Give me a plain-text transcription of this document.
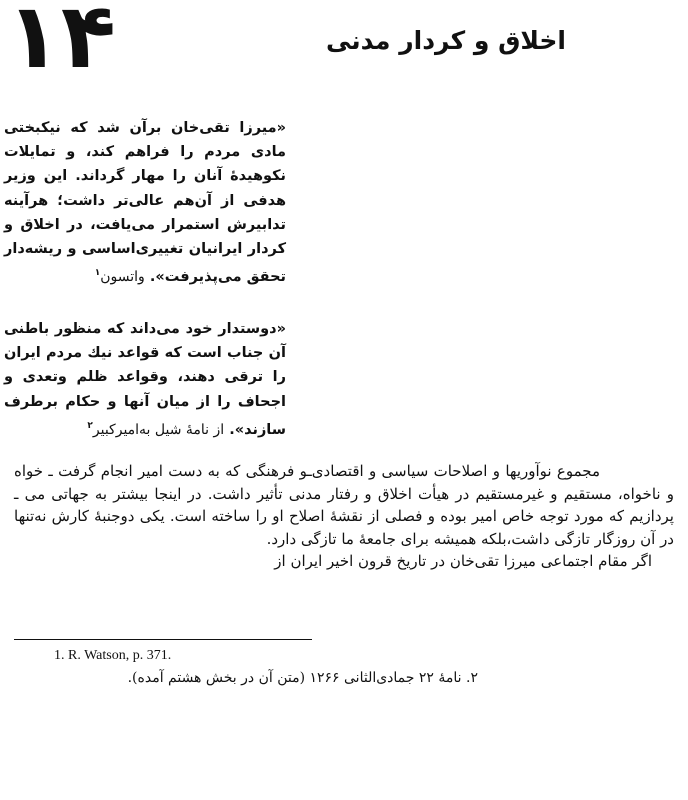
۱۴	اخلاق و کردار مدنی
«میرزا تقی‌خان برآن شد که نیکبختی مادی مردم را فراهم کند، و تمایلات نکوهیدهٔ آنان را مهار گرداند. این وزیر هدفی از آن‌هم عالی‌تر داشت؛ هرآینه تدابیرش استمرار می‌یافت، در اخلاق و کردار ایرانیان تغییری‌اساسی و ریشه‌دار تحقق می‌پذیرفت». واتسون$^۱$
«دوستدار خود می‌داند که منظور باطنی آن جناب است که قواعد نیك مردم ایران را ترقی دهند، وقواعد ظلم وتعدی و اجحاف را از میان آنها و حکام برطرف سازند». از نامهٔ شیل به‌امیرکبیر$^۲$

مجموع نوآوریها و اصلاحات سیاسی و اقتصادی‌ـو فرهنگی که به دست امیر انجام گرفت ـ خواه و ناخواه، مستقیم و غیرمستقیم در هیأت اخلاق و رفتار مدنی تأثیر داشت. در اینجا بیشتر به جهاتی می ـ پردازیم که مورد توجه خاص امیر بوده و فصلی از نقشهٔ اصلاح او را ساخته است. یکی دوجنبهٔ کارش نه‌تنها در آن روزگار تازگی داشت،بلکه همیشه برای جامعهٔ ما تازگی دارد.

اگر مقام اجتماعی میرزا تقی‌خان در تاریخ قرون اخیر ایران از

1. R. Watson, p. 371.
۲. نامهٔ ۲۲ جمادی‌الثانی ۱۲۶۶ (متن آن در بخش هشتم آمده).
